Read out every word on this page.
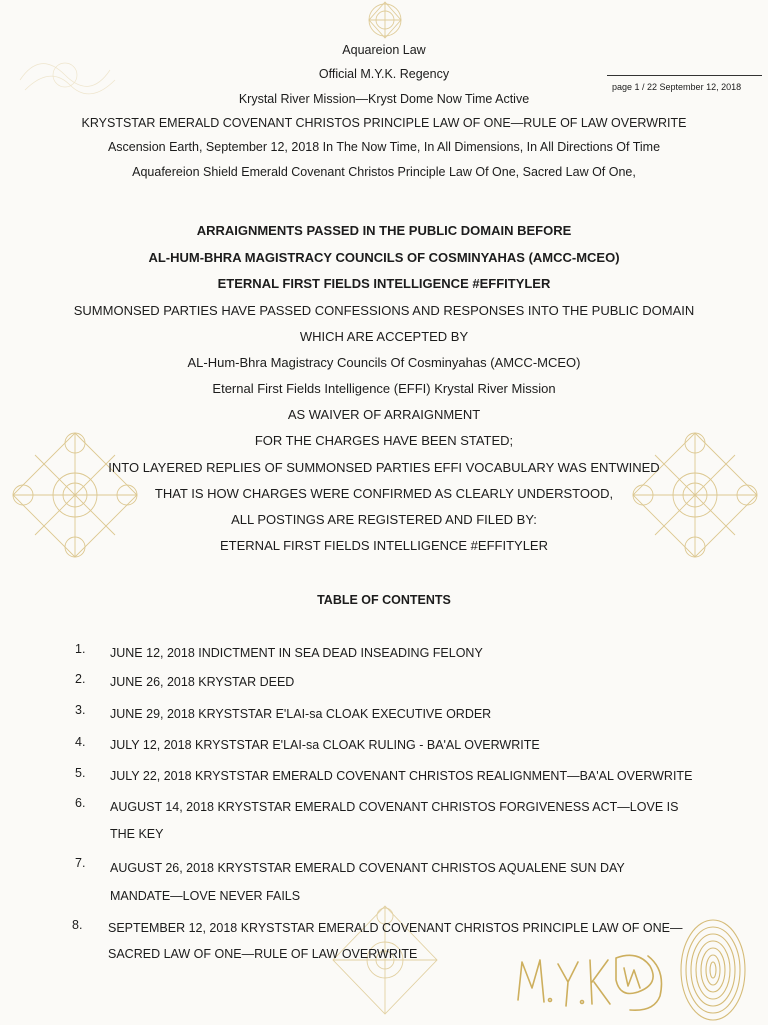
Aquareion Law
Official M.Y.K. Regency
Krystal River Mission—Kryst Dome Now Time Active
KRYSTSTAR EMERALD COVENANT CHRISTOS PRINCIPLE LAW OF ONE—RULE OF LAW OVERWRITE
Ascension Earth, September 12, 2018 In The Now Time, In All Dimensions, In All Directions Of Time
Aquafereion Shield Emerald Covenant Christos Principle Law Of One, Sacred Law Of One,
page 1 / 22 September 12, 2018
ARRAIGNMENTS PASSED IN THE PUBLIC DOMAIN BEFORE
AL-HUM-BHRA MAGISTRACY COUNCILS OF COSMINYAHAS (AMCC-MCEO)
ETERNAL FIRST FIELDS INTELLIGENCE #EFFITYLER
SUMMONSED PARTIES HAVE PASSED CONFESSIONS AND RESPONSES INTO THE PUBLIC DOMAIN
WHICH ARE ACCEPTED BY
AL-Hum-Bhra Magistracy Councils Of Cosminyahas (AMCC-MCEO)
Eternal First Fields Intelligence (EFFI) Krystal River Mission
AS WAIVER OF ARRAIGNMENT
FOR THE CHARGES HAVE BEEN STATED;
INTO LAYERED REPLIES OF SUMMONSED PARTIES EFFI VOCABULARY WAS ENTWINED
THAT IS HOW CHARGES WERE CONFIRMED AS CLEARLY UNDERSTOOD,
ALL POSTINGS ARE REGISTERED AND FILED BY:
ETERNAL FIRST FIELDS INTELLIGENCE #EFFITYLER
TABLE OF CONTENTS
1. JUNE 12, 2018 INDICTMENT IN SEA DEAD INSEADING FELONY
2. JUNE 26, 2018 KRYSTAR DEED
3. JUNE 29, 2018 KRYSTSTAR E'LAI-sa CLOAK EXECUTIVE ORDER
4. JULY 12, 2018 KRYSTSTAR E'LAI-sa CLOAK RULING - BA'AL OVERWRITE
5. JULY 22, 2018 KRYSTSTAR EMERALD COVENANT CHRISTOS REALIGNMENT—BA'AL OVERWRITE
6. AUGUST 14, 2018 KRYSTSTAR EMERALD COVENANT CHRISTOS FORGIVENESS ACT—LOVE IS
THE KEY
7. AUGUST 26, 2018 KRYSTSTAR EMERALD COVENANT CHRISTOS AQUALENE SUN DAY
MANDATE—LOVE NEVER FAILS
8. SEPTEMBER 12, 2018 KRYSTSTAR EMERALD COVENANT CHRISTOS PRINCIPLE LAW OF ONE—
SACRED LAW OF ONE—RULE OF LAW OVERWRITE
